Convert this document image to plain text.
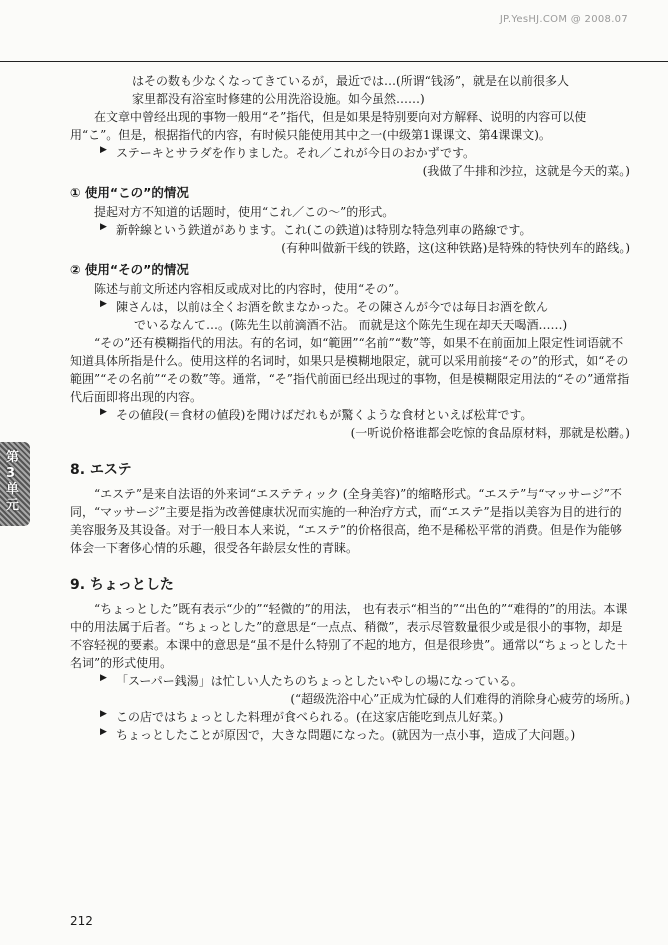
JP.YesHJ.COM @ 2008.07
第3单元

はその数も少なくなってきているが，最近では…(所谓“钱汤”，就是在以前很多人

家里都没有浴室时修建的公用洗浴设施。如今虽然……)

在文章中曾经出现的事物一般用“そ”指代，但是如果是特别要向对方解释、说明的内容可以使用“こ”。但是，根据指代的内容，有时候只能使用其中之一(中级第1课课文、第4课课文)。

▶ ステーキとサラダを作りました。それ／これが今日のおかずです。

(我做了牛排和沙拉，这就是今天的菜。)

① 使用“この”的情况

提起对方不知道的话题时，使用“これ／この～”的形式。

▶ 新幹線という鉄道があります。これ(この鉄道)は特別な特急列車の路線です。

(有种叫做新干线的铁路，这(这种铁路)是特殊的特快列车的路线。)

② 使用“その”的情况

陈述与前文所述内容相反或成对比的内容时，使用“その”。

▶ 陳さんは，以前は全くお酒を飲まなかった。その陳さんが今では毎日お酒を飲ん
でいるなんて…。(陈先生以前滴酒不沾。 而就是这个陈先生现在却天天喝酒……)

“その”还有模糊指代的用法。有的名词，如“範囲”“名前”“数”等，如果不在前面加上限定性词语就不知道具体所指是什么。使用这样的名词时，如果只是模糊地限定，就可以采用前接“その”的形式，如“その範囲”“その名前”“その数”等。通常，“そ”指代前面已经出现过的事物，但是模糊限定用法的“その”通常指代后面即将出现的内容。

▶ その値段(＝食材の値段)を聞けばだれもが驚くような食材といえば松茸です。

(一听说价格谁都会吃惊的食品原材料，那就是松蘑。)

8. エステ

“エステ”是来自法语的外来词“エステティック (全身美容)”的缩略形式。“エステ”与“マッサージ”不同，“マッサージ”主要是指为改善健康状况而实施的一种治疗方式，而“エステ”是指以美容为目的进行的美容服务及其设备。对于一般日本人来说，“エステ”的价格很高，绝不是稀松平常的消费。但是作为能够体会一下奢侈心情的乐趣，很受各年龄层女性的青睐。

9. ちょっとした

“ちょっとした”既有表示“少的”“轻微的”的用法， 也有表示“相当的”“出色的”“难得的”的用法。本课中的用法属于后者。“ちょっとした”的意思是“一点点、稍微”，表示尽管数量很少或是很小的事物，却是不容轻视的要素。本课中的意思是“虽不是什么特别了不起的地方，但是很珍贵”。通常以“ちょっとした＋名词”的形式使用。

▶ 「スーパー銭湯」は忙しい人たちのちょっとしたいやしの場になっている。

(“超级洗浴中心”正成为忙碌的人们难得的消除身心疲劳的场所。)

▶ この店ではちょっとした料理が食べられる。(在这家店能吃到点儿好菜。)

▶ ちょっとしたことが原因で，大きな問題になった。(就因为一点小事，造成了大问题。)

212
